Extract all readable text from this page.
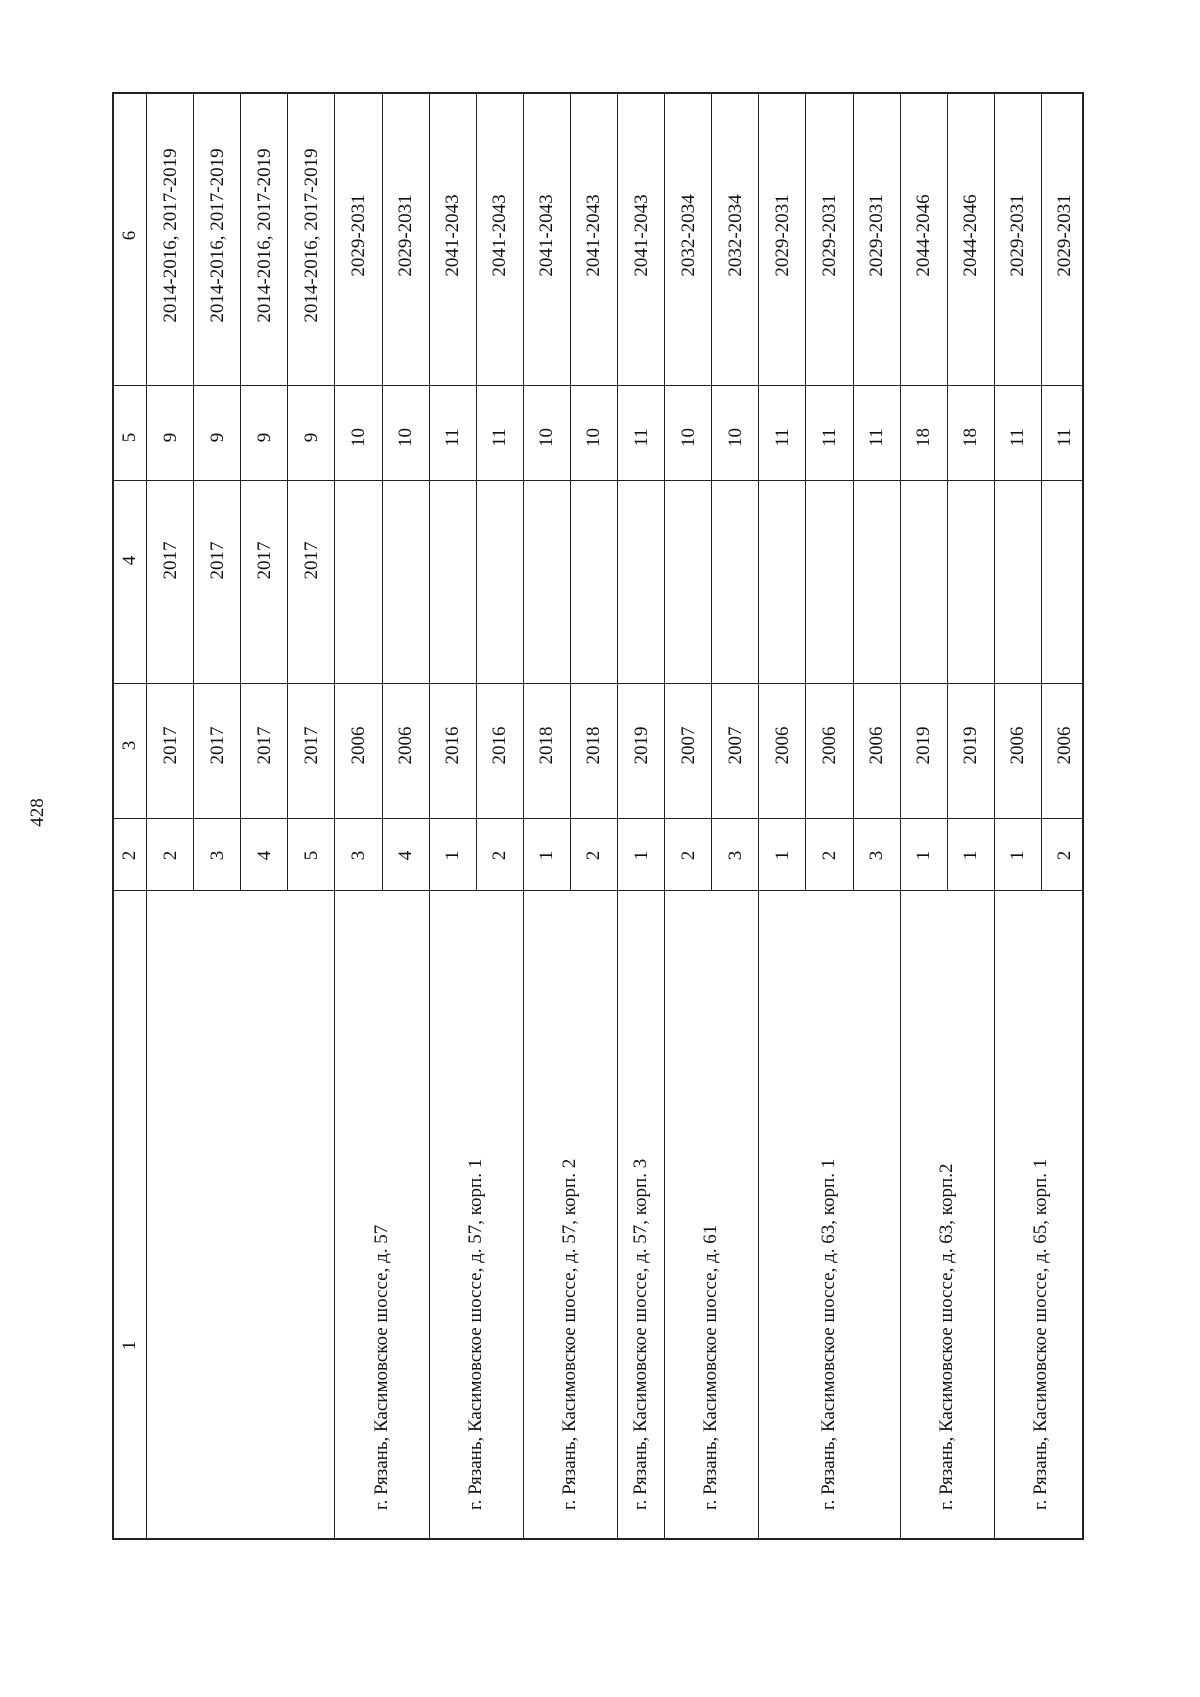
428
1
2
3
4
5
6
2
2017
2017
9
2014-2016, 2017-2019
3
2017
2017
9
2014-2016, 2017-2019
4
2017
2017
9
2014-2016, 2017-2019
5
2017
2017
9
2014-2016, 2017-2019
г. Рязань, Касимовское шоссе, д. 57
3
2006
10
2029-2031
4
2006
10
2029-2031
г. Рязань, Касимовское шоссе, д. 57, корп. 1
1
2016
11
2041-2043
2
2016
11
2041-2043
г. Рязань, Касимовское шоссе, д. 57, корп. 2
1
2018
10
2041-2043
2
2018
10
2041-2043
г. Рязань, Касимовское шоссе, д. 57, корп. 3
1
2019
11
2041-2043
г. Рязань, Касимовское шоссе, д. 61
2
2007
10
2032-2034
3
2007
10
2032-2034
г. Рязань, Касимовское шоссе, д. 63, корп. 1
1
2006
11
2029-2031
2
2006
11
2029-2031
3
2006
11
2029-2031
г. Рязань, Касимовское шоссе, д. 63, корп.2
1
2019
18
2044-2046
1
2019
18
2044-2046
г. Рязань, Касимовское шоссе, д. 65, корп. 1
1
2006
11
2029-2031
2
2006
11
2029-2031
